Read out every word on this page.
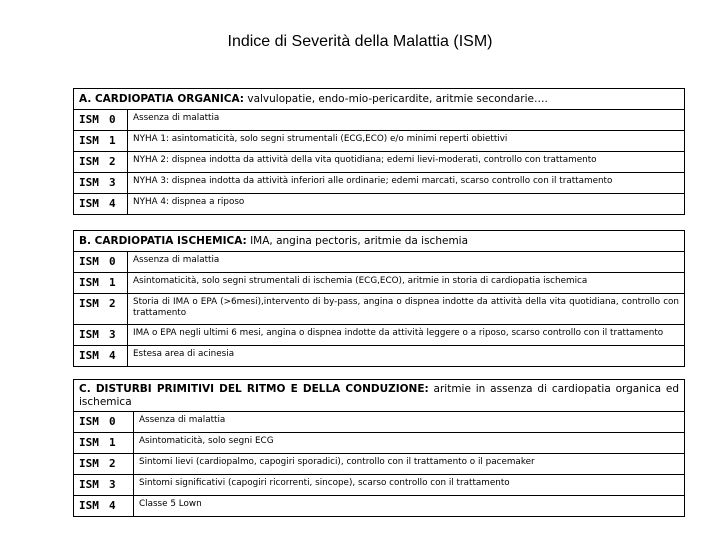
Indice di Severità della Malattia (ISM)
A. CARDIOPATIA ORGANICA: valvulopatie, endo-mio-pericardite, aritmie secondarie….
ISM 0	Assenza di malattia
ISM 1	NYHA 1: asintomaticità, solo segni strumentali (ECG,ECO) e/o minimi reperti obiettivi
ISM 2	NYHA 2: dispnea indotta da attività della vita quotidiana; edemi lievi-moderati, controllo con trattamento
ISM 3	NYHA 3: dispnea indotta da attività inferiori alle ordinarie; edemi marcati, scarso controllo con il trattamento
ISM 4	NYHA 4: dispnea a riposo
B. CARDIOPATIA ISCHEMICA: IMA, angina pectoris, aritmie da ischemia
ISM 0	Assenza di malattia
ISM 1	Asintomaticità, solo segni strumentali di ischemia (ECG,ECO), aritmie in storia di cardiopatia ischemica
ISM 2	Storia di IMA o EPA (>6mesi),intervento di by-pass, angina o dispnea indotte da attività della vita quotidiana, controllo con trattamento
ISM 3	IMA o EPA negli ultimi 6 mesi, angina o dispnea indotte da attività leggere o a riposo, scarso controllo con il trattamento
ISM 4	Estesa area di acinesia
C. DISTURBI PRIMITIVI DEL RITMO E DELLA CONDUZIONE: aritmie in assenza di cardiopatia organica ed ischemica
ISM 0	Assenza di malattia
ISM 1	Asintomaticità, solo segni ECG
ISM 2	Sintomi lievi (cardiopalmo, capogiri sporadici), controllo con il trattamento o il pacemaker
ISM 3	Sintomi significativi (capogiri ricorrenti, sincope), scarso controllo con il trattamento
ISM 4	Classe 5 Lown
